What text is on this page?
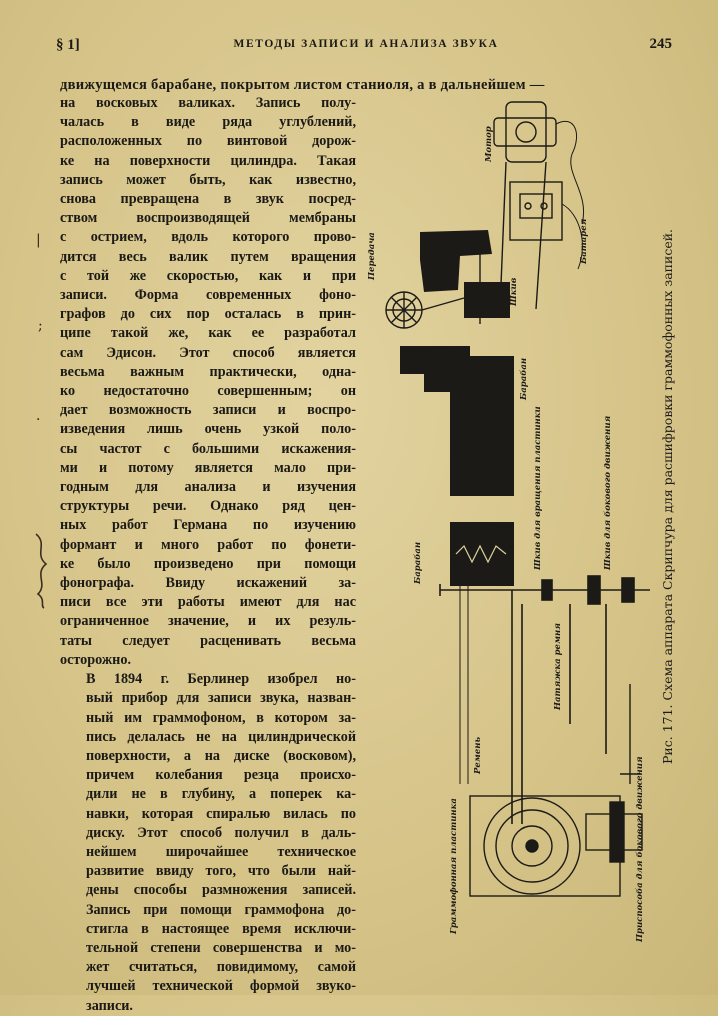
§ 1]	МЕТОДЫ ЗАПИСИ И АНАЛИЗА ЗВУКА	245
движущемся барабане, покрытом листом станиоля, а в дальнейшем —

на восковых валиках. Запись полу-
чалась в виде ряда углублений,
расположенных по винтовой дорож-
ке на поверхности цилиндра. Такая
запись может быть, как известно,
снова превращена в звук посред-
ством воспроизводящей мембраны
с острием, вдоль которого прово-
дится весь валик путем вращения
с той же скоростью, как и при
записи. Форма современных фоно-
графов до сих пор осталась в прин-
ципе такой же, как ее разработал
сам Эдисон. Этот способ является
весьма важным практически, одна-
ко недостаточно совершенным; он
дает возможность записи и воспро-
изведения лишь очень узкой поло-
сы частот с большими искажения-
ми и потому является мало при-
годным для анализа и изучения
структуры речи. Однако ряд цен-
ных работ Германа по изучению
формант и много работ по фонети-
ке было произведено при помощи
фонографа. Ввиду искажений за-
писи все эти работы имеют для нас
ограниченное значение, и их резуль-
таты следует расценивать весьма
осторожно.

В 1894 г. Берлинер изобрел но-
вый прибор для записи звука, назван-
ный им граммофоном, в котором за-
пись делалась не на цилиндрической
поверхности, а на диске (восковом),
причем колебания резца происхо-
дили не в глубину, а поперек ка-
навки, которая спиралью вилась по
диску. Этот способ получил в даль-
нейшем широчайшее техническое
развитие ввиду того, что были най-
дены способы размножения записей.
Запись при помощи граммофона до-
стигла в настоящее время исключи-
тельной степени совершенства и мо-
жет считаться, повидимому, самой
лучшей технической формой звуко-
записи.

|
;
·
Мотор
Батарея
Передача
Шкив
Барабан
Барабан	Шкив для вращения пластинки	Шкив для бокового движения
Натяжка ремня
Ремень
Граммофонная пластинка	Приспособа для бокового движения
Рис. 171. Схема аппарата Скрипчура для расшифровки граммофонных записей.
